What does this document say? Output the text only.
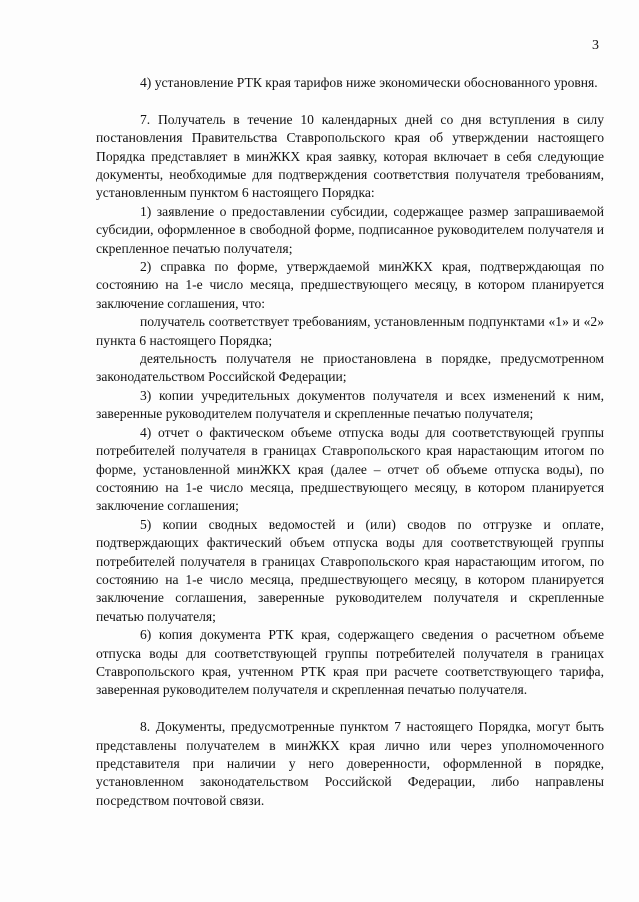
3

4) установление РТК края тарифов ниже экономически обоснованного уровня.

7. Получатель в течение 10 календарных дней со дня вступления в силу постановления Правительства Ставропольского края об утверждении настоящего Порядка представляет в минЖКХ края заявку, которая включает в себя следующие документы, необходимые для подтверждения соответствия получателя требованиям, установленным пунктом 6 настоящего Порядка:

1) заявление о предоставлении субсидии, содержащее размер запрашиваемой субсидии, оформленное в свободной форме, подписанное руководителем получателя и скрепленное печатью получателя;

2) справка по форме, утверждаемой минЖКХ края, подтверждающая по состоянию на 1-е число месяца, предшествующего месяцу, в котором планируется заключение соглашения, что:

получатель соответствует требованиям, установленным подпунктами «1» и «2» пункта 6 настоящего Порядка;

деятельность получателя не приостановлена в порядке, предусмотренном законодательством Российской Федерации;

3) копии учредительных документов получателя и всех изменений к ним, заверенные руководителем получателя и скрепленные печатью получателя;

4) отчет о фактическом объеме отпуска воды для соответствующей группы потребителей получателя в границах Ставропольского края нарастающим итогом по форме, установленной минЖКХ края (далее – отчет об объеме отпуска воды), по состоянию на 1-е число месяца, предшествующего месяцу, в котором планируется заключение соглашения;

5) копии сводных ведомостей и (или) сводов по отгрузке и оплате, подтверждающих фактический объем отпуска воды для соответствующей группы потребителей получателя в границах Ставропольского края нарастающим итогом, по состоянию на 1-е число месяца, предшествующего месяцу, в котором планируется заключение соглашения, заверенные руководителем получателя и скрепленные печатью получателя;

6) копия документа РТК края, содержащего сведения о расчетном объеме отпуска воды для соответствующей группы потребителей получателя в границах Ставропольского края, учтенном РТК края при расчете соответствующего тарифа, заверенная руководителем получателя и скрепленная печатью получателя.

8. Документы, предусмотренные пунктом 7 настоящего Порядка, могут быть представлены получателем в минЖКХ края лично или через уполномоченного представителя при наличии у него доверенности, оформленной в порядке, установленном законодательством Российской Федерации, либо направлены посредством почтовой связи.
